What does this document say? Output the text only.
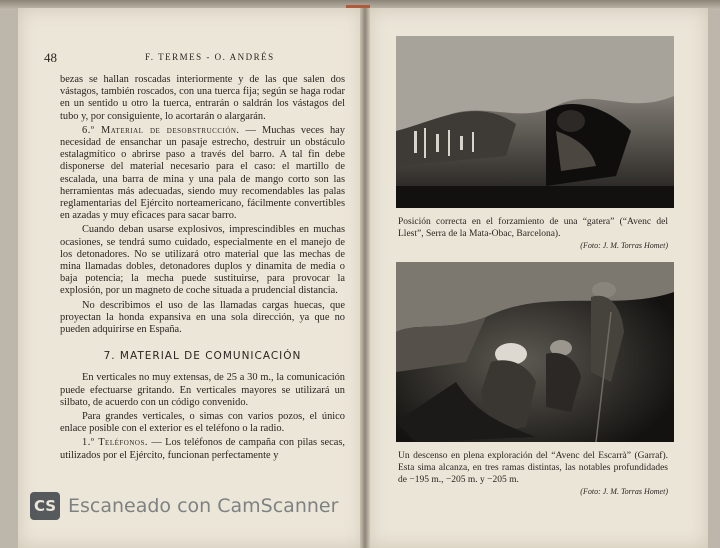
48	F. TERMES - O. ANDRÉS

bezas se hallan roscadas interiormente y de las que salen dos vástagos, también roscados, con una tuerca fija; según se haga rodar en un sentido u otro la tuerca, entrarán o saldrán los vástagos del tubo y, por consiguiente, lo acortarán o alargarán.

6.º Material de desobstrucción. — Muchas veces hay necesidad de ensanchar un pasaje estrecho, destruir un obstáculo estalagmítico o abrirse paso a través del barro. A tal fin debe disponerse del material necesario para el caso: el martillo de escalada, una barra de mina y una pala de mango corto son las herramientas más adecuadas, siendo muy recomendables las palas reglamentarias del Ejército norteamericano, fácilmente convertibles en azadas y muy eficaces para sacar barro.

Cuando deban usarse explosivos, imprescindibles en muchas ocasiones, se tendrá sumo cuidado, especialmente en el manejo de los detonadores. No se utilizará otro material que las mechas de mina llamadas dobles, detonadores duplos y dinamita de media o baja potencia; la mecha puede sustituirse, para provocar la explosión, por un magneto de coche situada a prudencial distancia.

No describimos el uso de las llamadas cargas huecas, que proyectan la honda expansiva en una sola dirección, ya que no pueden adquirirse en España.

7. MATERIAL DE COMUNICACIÓN

En verticales no muy extensas, de 25 a 30 m., la comunicación puede efectuarse gritando. En verticales mayores se utilizará un silbato, de acuerdo con un código convenido.

Para grandes verticales, o simas con varios pozos, el único enlace posible con el exterior es el teléfono o la radio.

1.º Teléfonos. — Los teléfonos de campaña con pilas secas, utilizados por el Ejército, funcionan perfectamente y

CS Escaneado con CamScanner
Posición correcta en el forzamiento de una “gatera” (“Avenc del Llest”, Serra de la Mata-Obac, Barcelona).
(Foto: J. M. Torras Homet)
Un descenso en plena exploración del “Avenc del Escarrà” (Garraf). Esta sima alcanza, en tres ramas distintas, las notables profundidades de −195 m., −205 m. y −205 m.
(Foto: J. M. Torras Homet)
